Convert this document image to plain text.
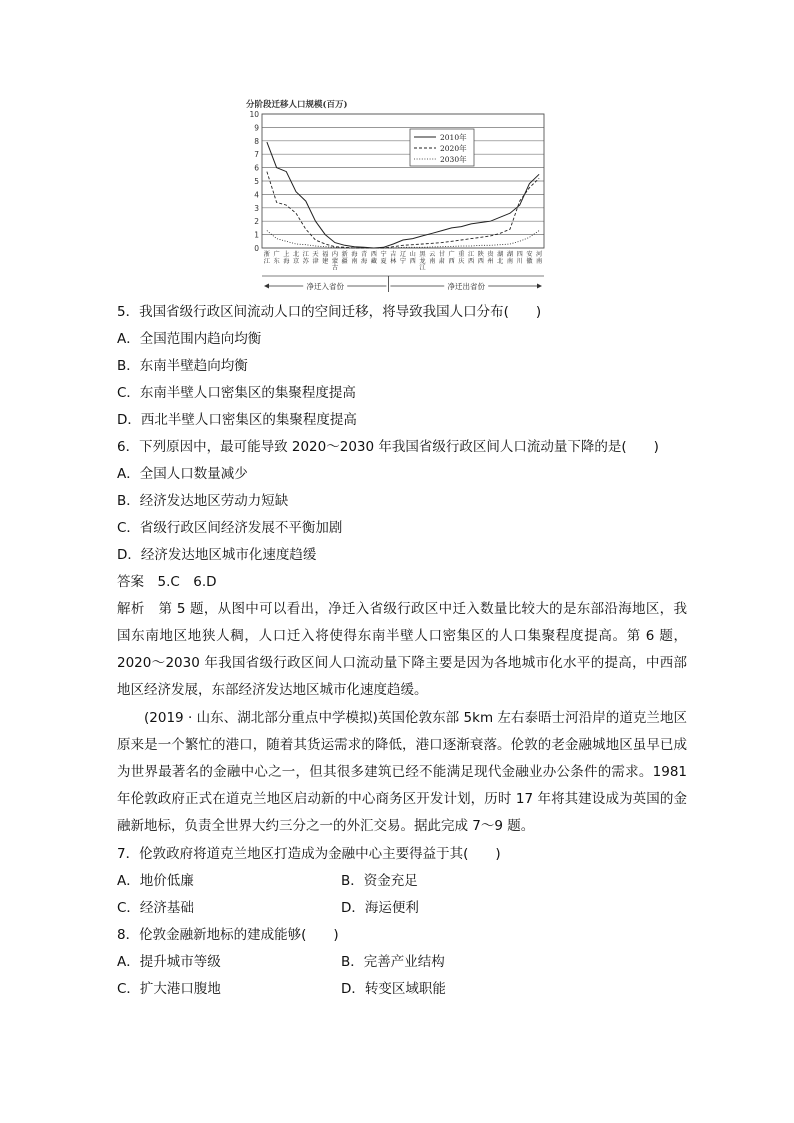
分阶段迁移人口规模(百万)
0
1
2
3
4
5
6
7
8
9
10
2010年
2020年
2030年
浙江
广东
上海
北京
江苏
天津
福建
内蒙古
新疆
海南
青海
西藏
宁夏
吉林
辽宁
山西
黑龙江
云南
甘肃
广西
重庆
江西
陕西
贵州
湖北
湖南
四川
安徽
河南
净迁入省份	净迁出省份
5．我国省级行政区间流动人口的空间迁移，将导致我国人口分布(　　)
A．全国范围内趋向均衡
B．东南半壁趋向均衡
C．东南半壁人口密集区的集聚程度提高
D．西北半壁人口密集区的集聚程度提高
6．下列原因中，最可能导致 2020～2030 年我国省级行政区间人口流动量下降的是(　　)
A．全国人口数量减少
B．经济发达地区劳动力短缺
C．省级行政区间经济发展不平衡加剧
D．经济发达地区城市化速度趋缓
答案　5.C　6.D
解析　第 5 题，从图中可以看出，净迁入省级行政区中迁入数量比较大的是东部沿海地区，我国东南地区地狭人稠，人口迁入将使得东南半壁人口密集区的人口集聚程度提高。第 6 题，2020～2030 年我国省级行政区间人口流动量下降主要是因为各地城市化水平的提高，中西部地区经济发展，东部经济发达地区城市化速度趋缓。
(2019 · 山东、湖北部分重点中学模拟)英国伦敦东部 5km 左右泰晤士河沿岸的道克兰地区原来是一个繁忙的港口，随着其货运需求的降低，港口逐渐衰落。伦敦的老金融城地区虽早已成为世界最著名的金融中心之一，但其很多建筑已经不能满足现代金融业办公条件的需求。1981 年伦敦政府正式在道克兰地区启动新的中心商务区开发计划，历时 17 年将其建设成为英国的金融新地标，负责全世界大约三分之一的外汇交易。据此完成 7～9 题。
7．伦敦政府将道克兰地区打造成为金融中心主要得益于其(　　)
A．地价低廉	B．资金充足
C．经济基础	D．海运便利
8．伦敦金融新地标的建成能够(　　)
A．提升城市等级	B．完善产业结构
C．扩大港口腹地	D．转变区域职能
